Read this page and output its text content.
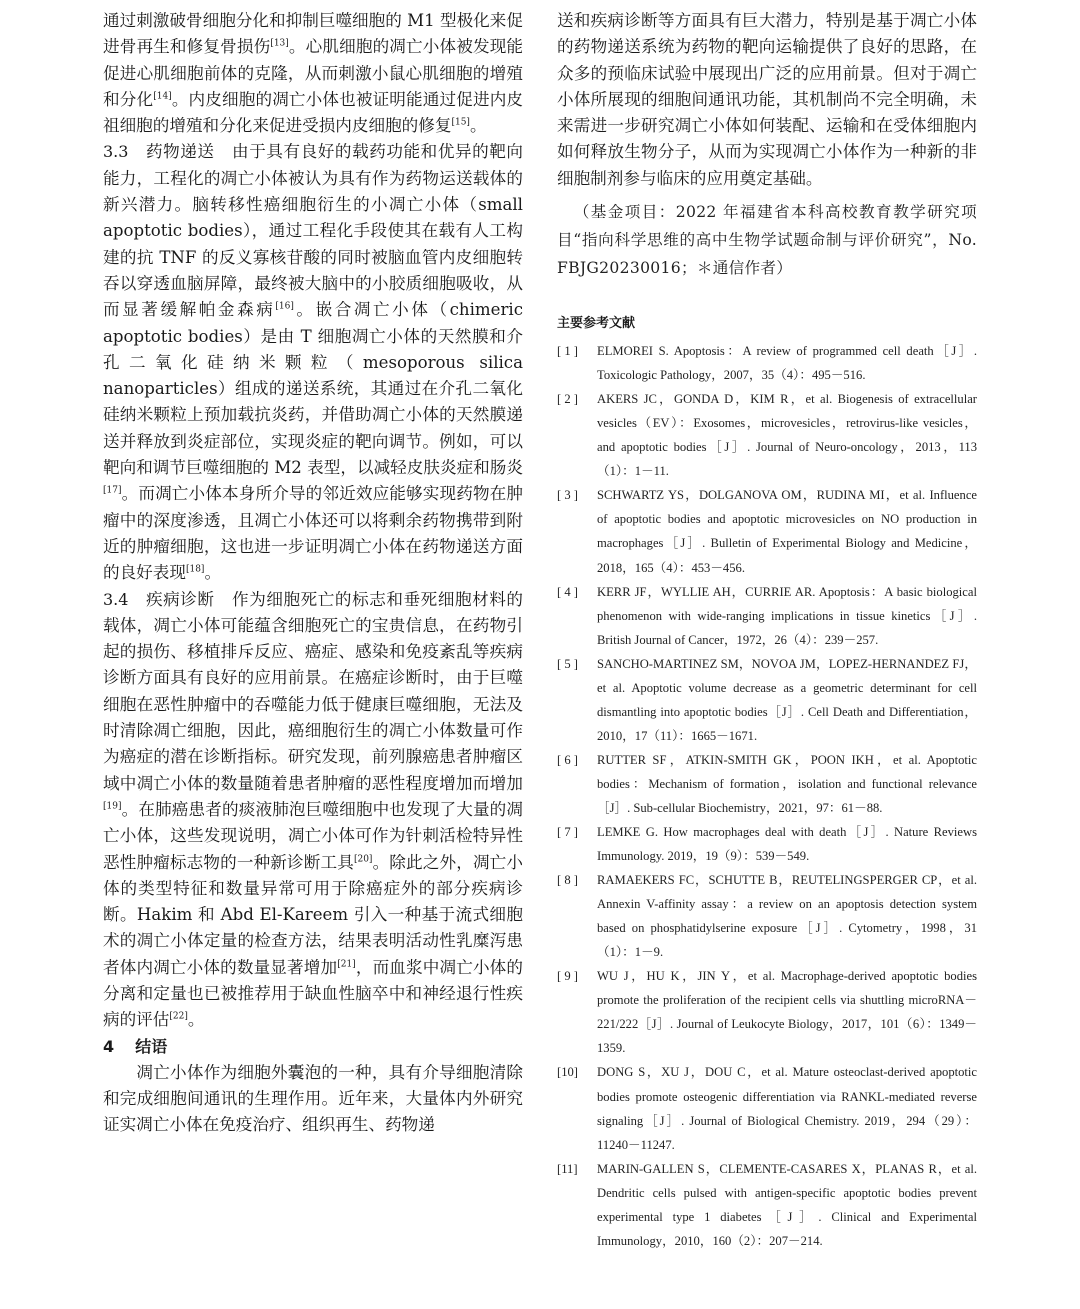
通过刺激破骨细胞分化和抑制巨噬细胞的 M1 型极化来促进骨再生和修复骨损伤[13]。心肌细胞的凋亡小体被发现能促进心肌细胞前体的克隆，从而刺激小鼠心肌细胞的增殖和分化[14]。内皮细胞的凋亡小体也被证明能通过促进内皮祖细胞的增殖和分化来促进受损内皮细胞的修复[15]。

3.3 药物递送 由于具有良好的载药功能和优异的靶向能力，工程化的凋亡小体被认为具有作为药物运送载体的新兴潜力。脑转移性癌细胞衍生的小凋亡小体（small apoptotic bodies），通过工程化手段使其在载有人工构建的抗 TNF 的反义寡核苷酸的同时被脑血管内皮细胞转吞以穿透血脑屏障，最终被大脑中的小胶质细胞吸收，从而显著缓解帕金森病[16]。嵌合凋亡小体（chimeric apoptotic bodies）是由 T 细胞凋亡小体的天然膜和介孔二氧化硅纳米颗粒（mesoporous silica nanoparticles）组成的递送系统，其通过在介孔二氧化硅纳米颗粒上预加载抗炎药，并借助凋亡小体的天然膜递送并释放到炎症部位，实现炎症的靶向调节。例如，可以靶向和调节巨噬细胞的 M2 表型，以减轻皮肤炎症和肠炎[17]。而凋亡小体本身所介导的邻近效应能够实现药物在肿瘤中的深度渗透，且凋亡小体还可以将剩余药物携带到附近的肿瘤细胞，这也进一步证明凋亡小体在药物递送方面的良好表现[18]。

3.4 疾病诊断 作为细胞死亡的标志和垂死细胞材料的载体，凋亡小体可能蕴含细胞死亡的宝贵信息，在药物引起的损伤、移植排斥反应、癌症、感染和免疫紊乱等疾病诊断方面具有良好的应用前景。在癌症诊断时，由于巨噬细胞在恶性肿瘤中的吞噬能力低于健康巨噬细胞，无法及时清除凋亡细胞，因此，癌细胞衍生的凋亡小体数量可作为癌症的潜在诊断指标。研究发现，前列腺癌患者肿瘤区域中凋亡小体的数量随着患者肿瘤的恶性程度增加而增加[19]。在肺癌患者的痰液肺泡巨噬细胞中也发现了大量的凋亡小体，这些发现说明，凋亡小体可作为针刺活检特异性恶性肿瘤标志物的一种新诊断工具[20]。除此之外，凋亡小体的类型特征和数量异常可用于除癌症外的部分疾病诊断。Hakim 和 Abd El-Kareem 引入一种基于流式细胞术的凋亡小体定量的检查方法，结果表明活动性乳糜泻患者体内凋亡小体的数量显著增加[21]，而血浆中凋亡小体的分离和定量也已被推荐用于缺血性脑卒中和神经退行性疾病的评估[22]。

4 结语

凋亡小体作为细胞外囊泡的一种，具有介导细胞清除和完成细胞间通讯的生理作用。近年来，大量体内外研究证实凋亡小体在免疫治疗、组织再生、药物递

送和疾病诊断等方面具有巨大潜力，特别是基于凋亡小体的药物递送系统为药物的靶向运输提供了良好的思路，在众多的预临床试验中展现出广泛的应用前景。但对于凋亡小体所展现的细胞间通讯功能，其机制尚不完全明确，未来需进一步研究凋亡小体如何装配、运输和在受体细胞内如何释放生物分子，从而为实现凋亡小体作为一种新的非细胞制剂参与临床的应用奠定基础。

（基金项目：2022 年福建省本科高校教育教学研究项目“指向科学思维的高中生物学试题命制与评价研究”，No. FBJG20230016；＊通信作者）

主要参考文献
[ 1 ] ELMOREI S. Apoptosis：A review of programmed cell death［J］. Toxicologic Pathology，2007，35（4）：495－516.
[ 2 ] AKERS JC，GONDA D，KIM R，et al. Biogenesis of extracellular vesicles（EV）：Exosomes，microvesicles，retrovirus-like vesicles，and apoptotic bodies［J］. Journal of Neuro-oncology，2013，113（1）：1－11.
[ 3 ] SCHWARTZ YS，DOLGANOVA OM，RUDINA MI，et al. Influence of apoptotic bodies and apoptotic microvesicles on NO production in macrophages［J］. Bulletin of Experimental Biology and Medicine，2018，165（4）：453－456.
[ 4 ] KERR JF，WYLLIE AH，CURRIE AR. Apoptosis：A basic biological phenomenon with wide-ranging implications in tissue kinetics［J］. British Journal of Cancer，1972，26（4）：239－257.
[ 5 ] SANCHO-MARTINEZ SM，NOVOA JM，LOPEZ-HERNANDEZ FJ，et al. Apoptotic volume decrease as a geometric determinant for cell dismantling into apoptotic bodies［J］. Cell Death and Differentiation，2010，17（11）：1665－1671.
[ 6 ] RUTTER SF，ATKIN-SMITH GK，POON IKH，et al. Apoptotic bodies：Mechanism of formation，isolation and functional relevance［J］. Sub-cellular Biochemistry，2021，97：61－88.
[ 7 ] LEMKE G. How macrophages deal with death［J］. Nature Reviews Immunology. 2019，19（9）：539－549.
[ 8 ] RAMAEKERS FC，SCHUTTE B，REUTELINGSPERGER CP，et al. Annexin V-affinity assay：a review on an apoptosis detection system based on phosphatidylserine exposure［J］. Cytometry，1998，31（1）：1－9.
[ 9 ] WU J，HU K，JIN Y，et al. Macrophage-derived apoptotic bodies promote the proliferation of the recipient cells via shuttling microRNA－221/222［J］. Journal of Leukocyte Biology，2017，101（6）：1349－1359.
[10] DONG S，XU J，DOU C，et al. Mature osteoclast-derived apoptotic bodies promote osteogenic differentiation via RANKL-mediated reverse signaling［J］. Journal of Biological Chemistry. 2019，294（29）：11240－11247.
[11] MARIN-GALLEN S，CLEMENTE-CASARES X，PLANAS R，et al. Dendritic cells pulsed with antigen-specific apoptotic bodies prevent experimental type 1 diabetes［J］. Clinical and Experimental Immunology，2010，160（2）：207－214.
